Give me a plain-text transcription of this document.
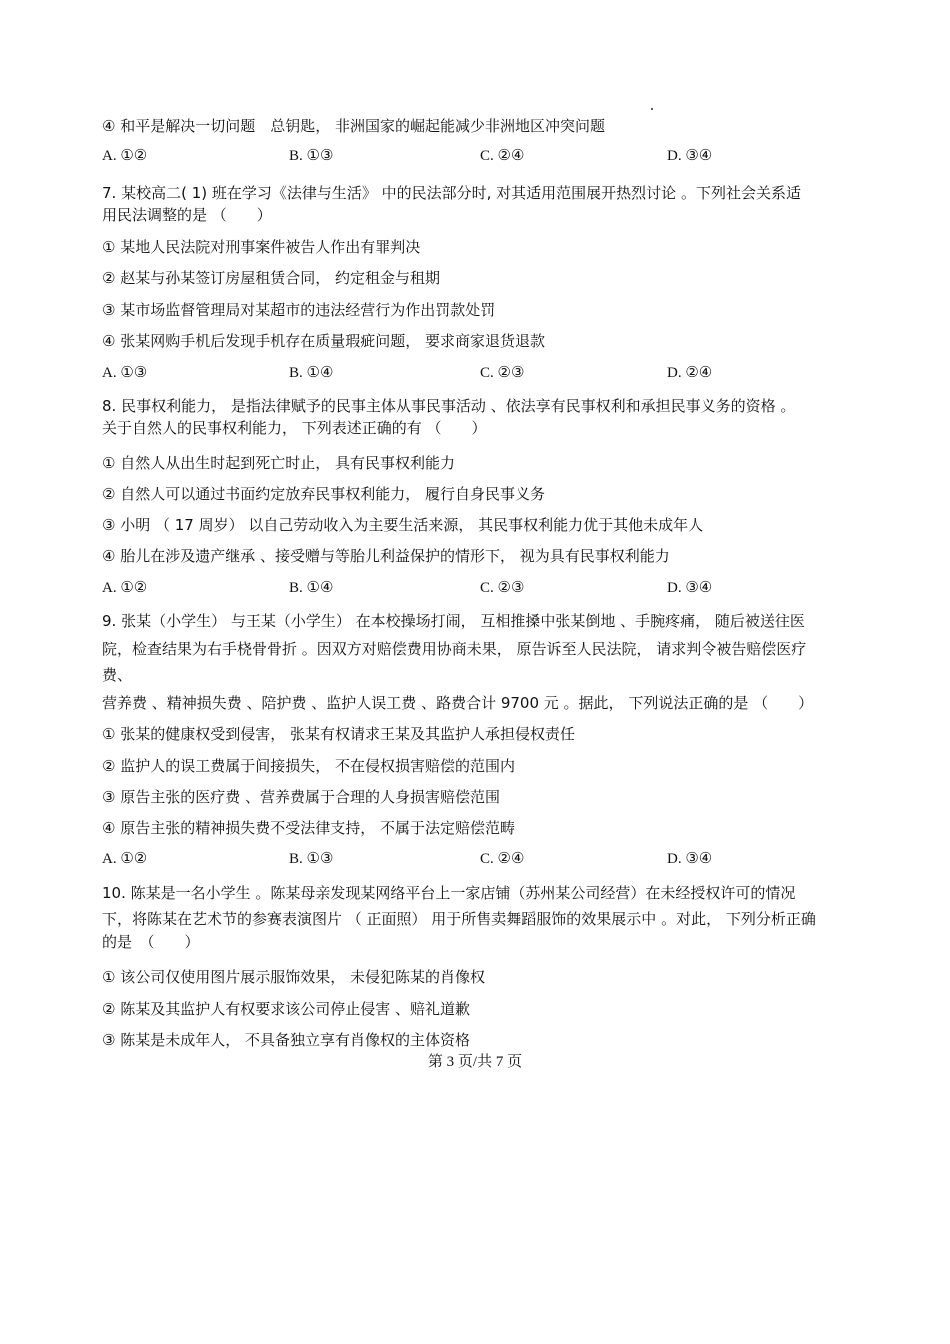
④ 和平是解决一切问题　总钥匙， 非洲国家的崛起能减少非洲地区冲突问题
A. ①②	B. ①③	C. ②④	D. ③④
7. 某校高二( 1) 班在学习《法律与生活》 中的民法部分时, 对其适用范围展开热烈讨论 。下列社会关系适
用民法调整的是 （　　）
① 某地人民法院对刑事案件被告人作出有罪判决
② 赵某与孙某签订房屋租赁合同， 约定租金与租期
③ 某市场监督管理局对某超市的违法经营行为作出罚款处罚
④ 张某网购手机后发现手机存在质量瑕疵问题， 要求商家退货退款
A. ①③	B. ①④	C. ②③	D. ②④
8. 民事权利能力， 是指法律赋予的民事主体从事民事活动 、依法享有民事权利和承担民事义务的资格 。
关于自然人的民事权利能力， 下列表述正确的有 （　　）
① 自然人从出生时起到死亡时止， 具有民事权利能力
② 自然人可以通过书面约定放弃民事权利能力， 履行自身民事义务
③ 小明 （ 17 周岁） 以自己劳动收入为主要生活来源， 其民事权利能力优于其他未成年人
④ 胎儿在涉及遗产继承 、接受赠与等胎儿利益保护的情形下， 视为具有民事权利能力
A. ①②	B. ①④	C. ②③	D. ③④
9. 张某（小学生） 与王某（小学生） 在本校操场打闹， 互相推搡中张某倒地 、手腕疼痛， 随后被送往医
院，检查结果为右手桡骨骨折 。因双方对赔偿费用协商未果， 原告诉至人民法院， 请求判令被告赔偿医疗
费、
营养费 、精神损失费 、陪护费 、监护人误工费 、路费合计 9700 元 。据此， 下列说法正确的是 （　　）
① 张某的健康权受到侵害， 张某有权请求王某及其监护人承担侵权责任
② 监护人的误工费属于间接损失， 不在侵权损害赔偿的范围内
③ 原告主张的医疗费 、营养费属于合理的人身损害赔偿范围
④ 原告主张的精神损失费不受法律支持， 不属于法定赔偿范畴
A. ①②	B. ①③	C. ②④	D. ③④
10. 陈某是一名小学生 。陈某母亲发现某网络平台上一家店铺（苏州某公司经营）在未经授权许可的情况
下，将陈某在艺术节的参赛表演图片 （ 正面照） 用于所售卖舞蹈服饰的效果展示中 。对此， 下列分析正确
的是　（　　）
① 该公司仅使用图片展示服饰效果， 未侵犯陈某的肖像权
② 陈某及其监护人有权要求该公司停止侵害 、赔礼道歉
③ 陈某是未成年人， 不具备独立享有肖像权的主体资格
第 3 页/共 7 页
